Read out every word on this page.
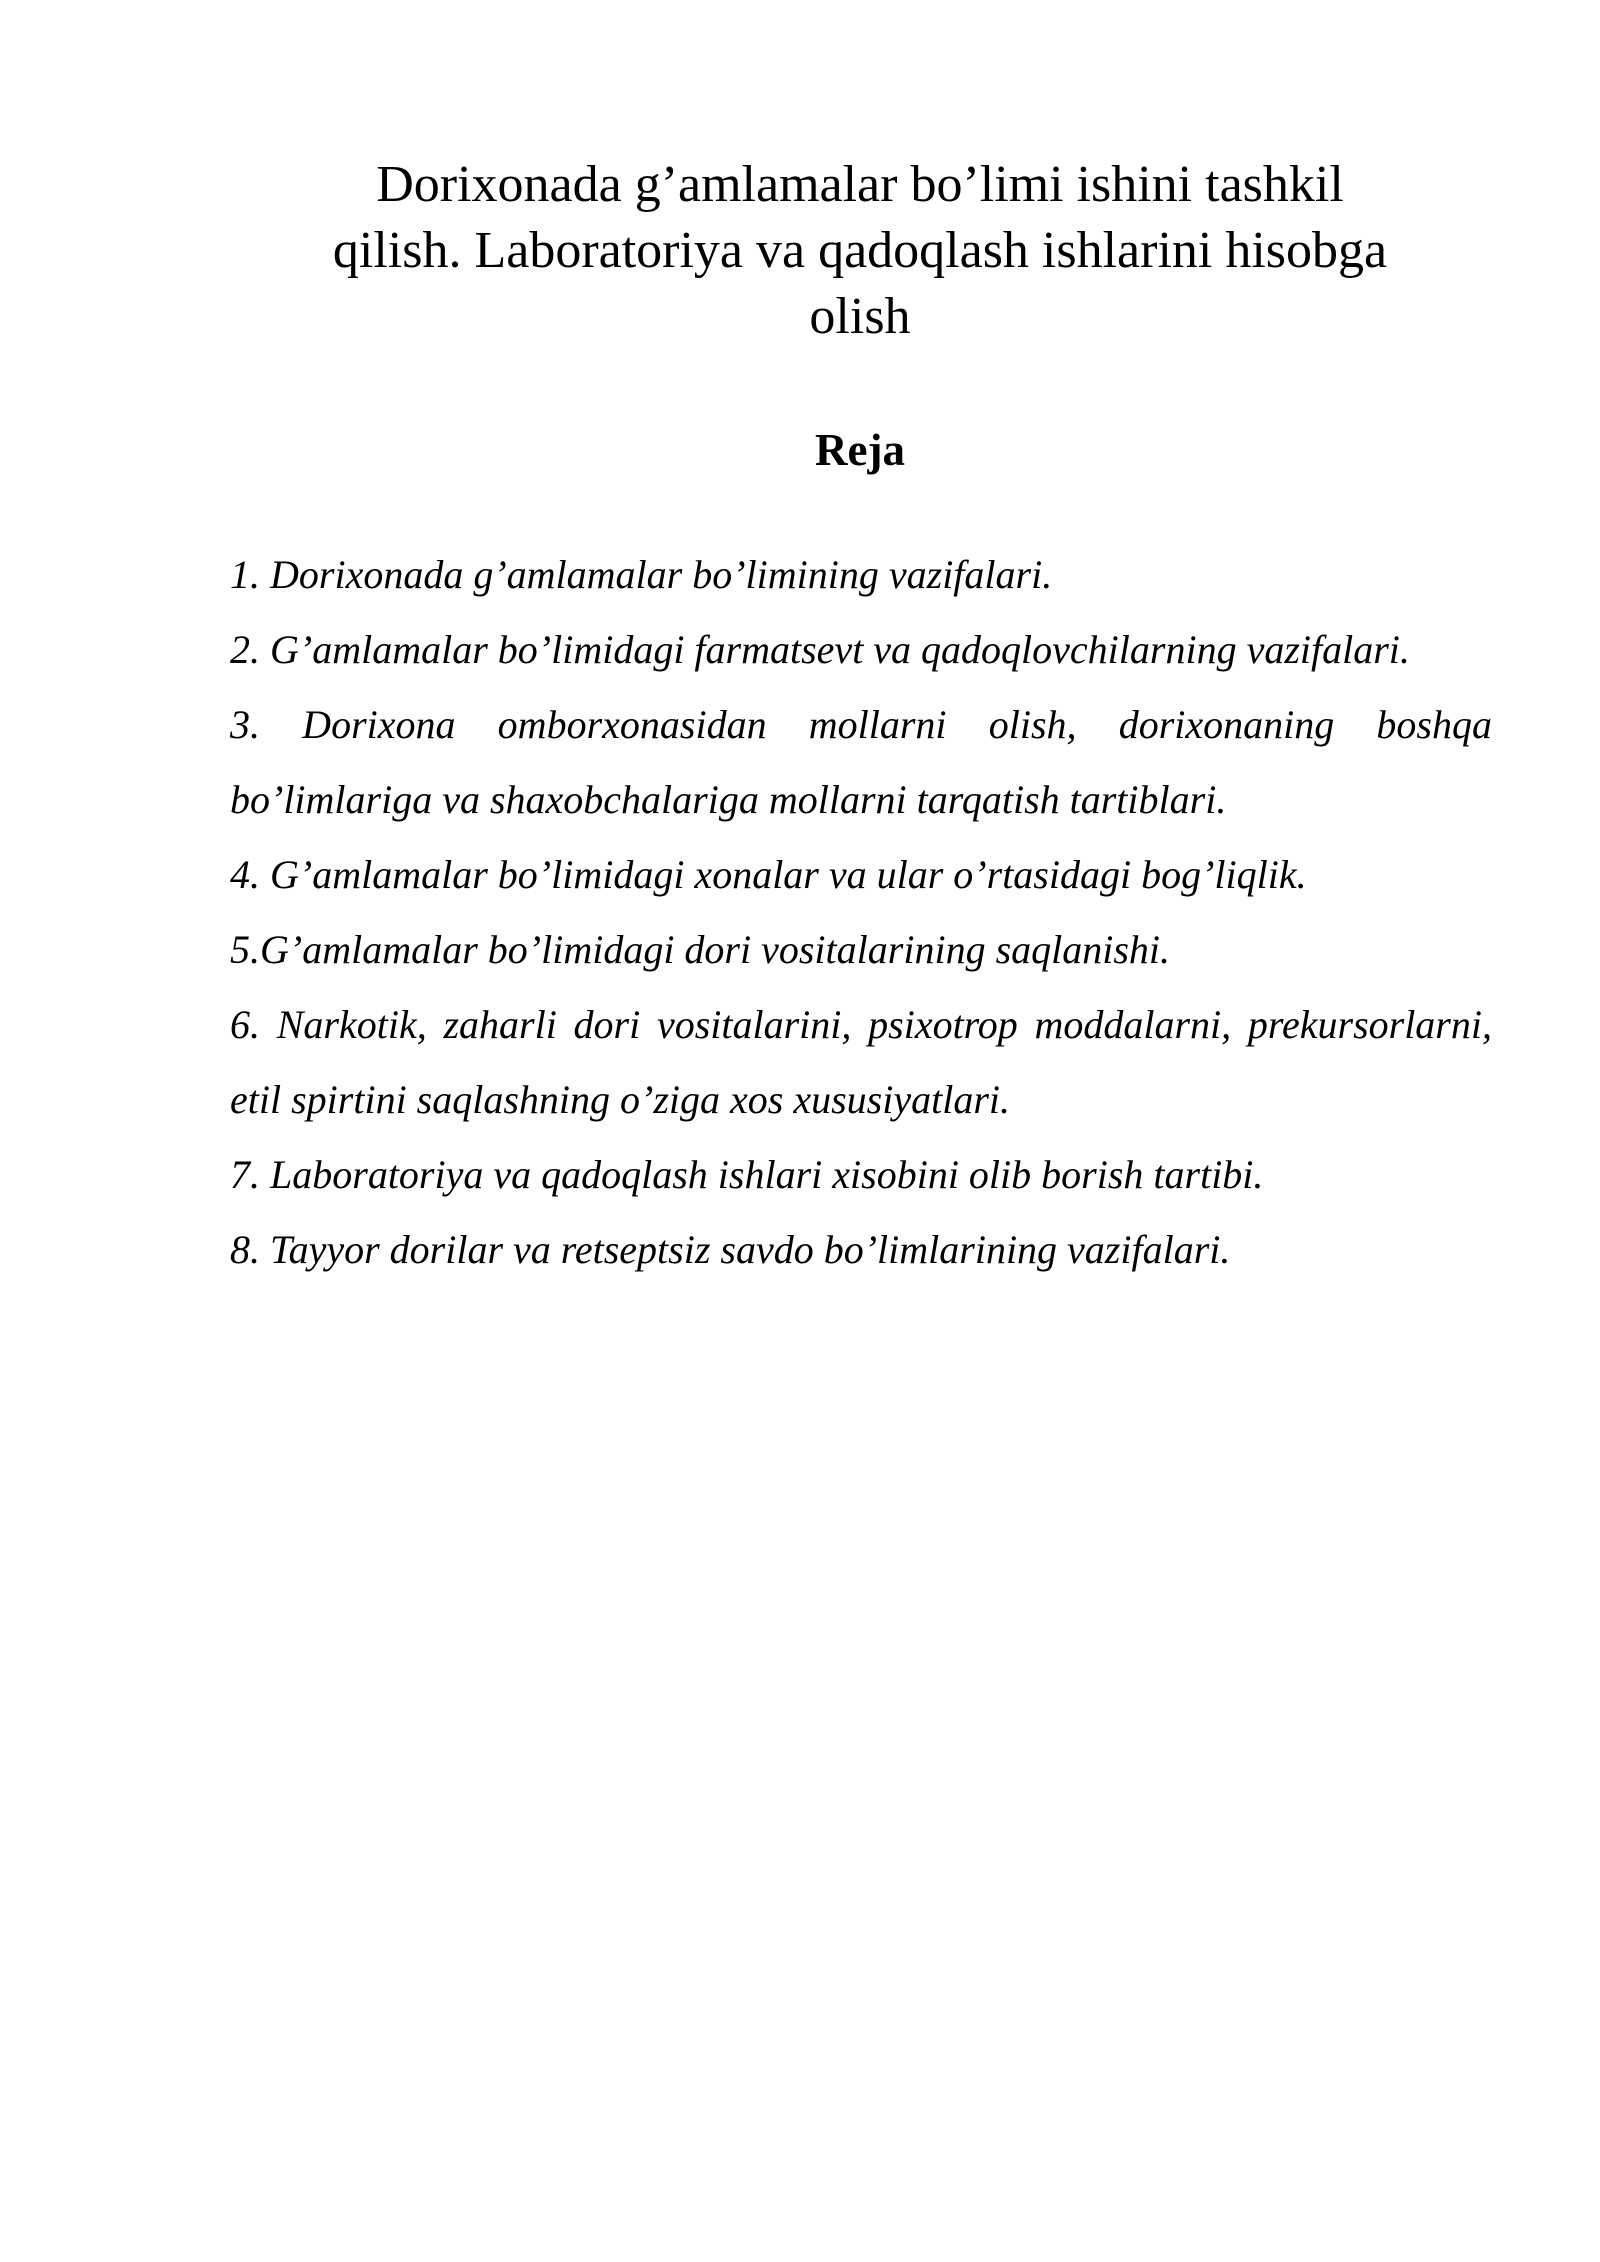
Dorixonada g’amlamalar bo’limi ishini tashkil
qilish. Laboratoriya va qadoqlash ishlarini hisobga
olish
Reja
1. Dorixonada g’amlamalar bo’limining vazifalari.
2. G’amlamalar bo’limidagi farmatsevt va qadoqlovchilarning vazifalari.
3. Dorixona omborxonasidan mollarni olish, dorixonaning boshqa bo’limlariga va shaxobchalariga mollarni tarqatish tartiblari.
4. G’amlamalar bo’limidagi xonalar va ular o’rtasidagi bog’liqlik.
5.G’amlamalar bo’limidagi dori vositalarining saqlanishi.
6. Narkotik, zaharli dori vositalarini, psixotrop moddalarni, prekursorlarni, etil spirtini saqlashning o’ziga xos xususiyatlari.
7. Laboratoriya va qadoqlash ishlari xisobini olib borish tartibi.
8. Tayyor dorilar va retseptsiz savdo bo’limlarining vazifalari.
